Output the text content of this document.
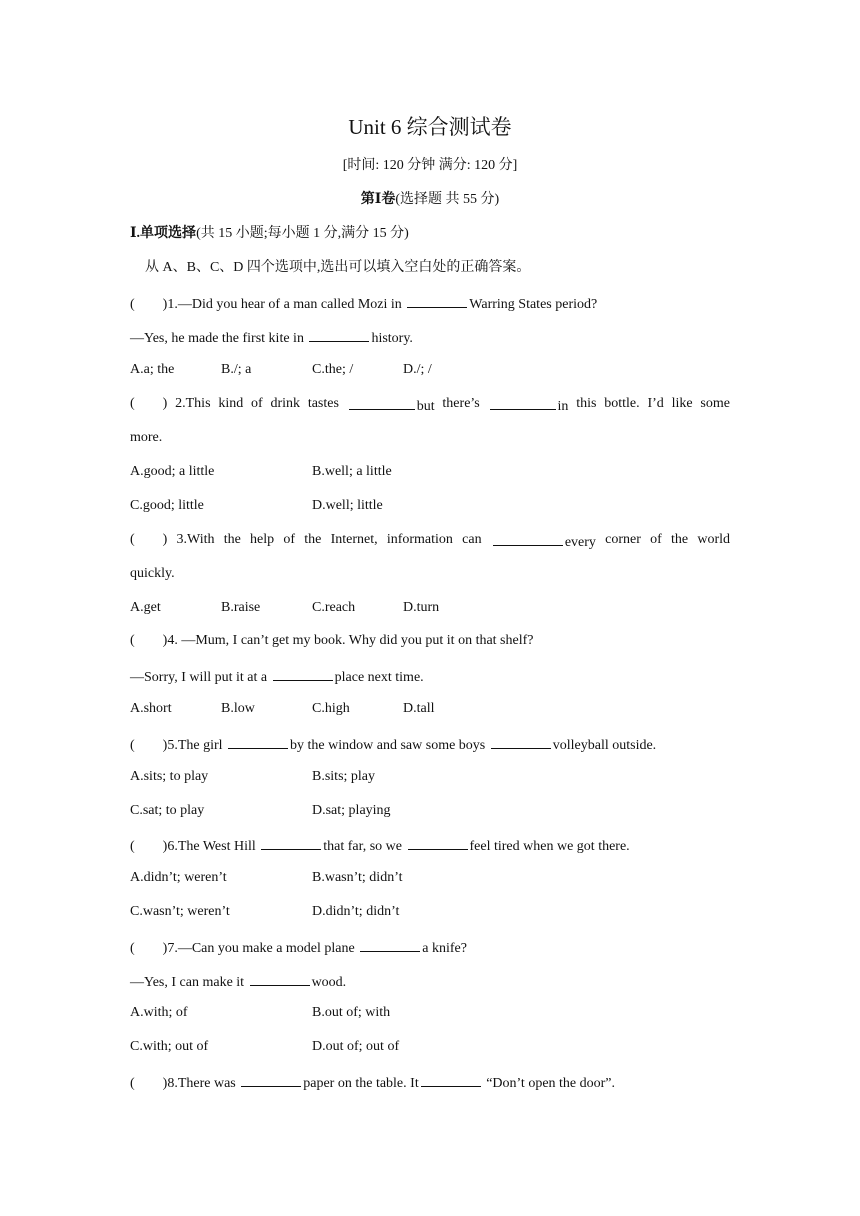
Unit 6 综合测试卷
[时间: 120 分钟 满分: 120 分]
第Ⅰ卷(选择题 共 55 分)
Ⅰ.单项选择(共 15 小题;每小题 1 分,满分 15 分)
从 A、B、C、D 四个选项中,选出可以填入空白处的正确答案。
(        )1.—Did you hear of a man called Mozi in	Warring States period?
—Yes, he made the first kite in	history.
A.a; the	B./; a	C.the; /	D./; /
(        ) 2.This kind of drink tastes	but there’s	in this bottle. I’d like some
more.
A.good; a little	B.well; a little
C.good; little	D.well; little
(        ) 3.With the help of the Internet, information can	every corner of the world
quickly.
A.get	B.raise	C.reach	D.turn
(        )4. —Mum, I can’t get my book. Why did you put it on that shelf?
—Sorry, I will put it at a	place next time.
A.short	B.low	C.high	D.tall
(        )5.The girl	by the window and saw some boys	volleyball outside.
A.sits; to play	B.sits; play
C.sat; to play	D.sat; playing
(        )6.The West Hill	that far, so we	feel tired when we got there.
A.didn’t; weren’t	B.wasn’t; didn’t
C.wasn’t; weren’t	D.didn’t; didn’t
(        )7.—Can you make a model plane	a knife?
—Yes, I can make it	wood.
A.with; of	B.out of; with
C.with; out of	D.out of; out of
(        )8.There was	paper on the table. It	“Don’t open the door”.
